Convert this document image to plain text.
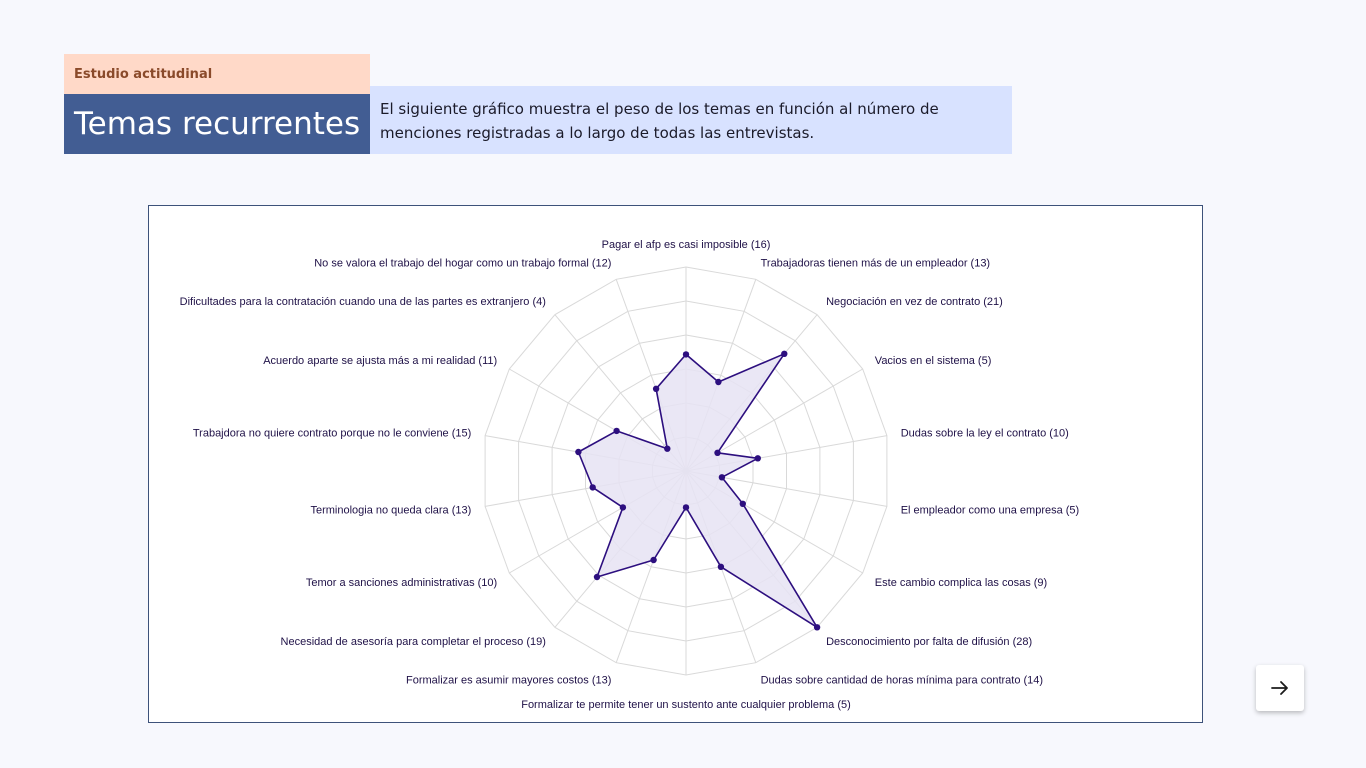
Estudio actitudinal
Temas recurrentes	El siguiente gráfico muestra el peso de los temas en función al número de menciones registradas a lo largo de todas las entrevistas.
Pagar el afp es casi imposible (16)
Trabajadoras tienen más de un empleador (13)
Negociación en vez de contrato (21)
Vacios en el sistema (5)
Dudas sobre la ley el contrato (10)
El empleador como una empresa (5)
Este cambio complica las cosas (9)
Desconocimiento por falta de difusión (28)
Dudas sobre cantidad de horas mínima para contrato (14)
Formalizar te permite tener un sustento ante cualquier problema (5)
Formalizar es asumir mayores costos (13)
Necesidad de asesoría para completar el proceso (19)
Temor a sanciones administrativas (10)
Terminologia no queda clara (13)
Trabajdora no quiere contrato porque no le conviene (15)
Acuerdo aparte se ajusta más a mi realidad (11)
Dificultades para la contratación cuando una de las partes es extranjero (4)
No se valora el trabajo del hogar como un trabajo formal (12)
